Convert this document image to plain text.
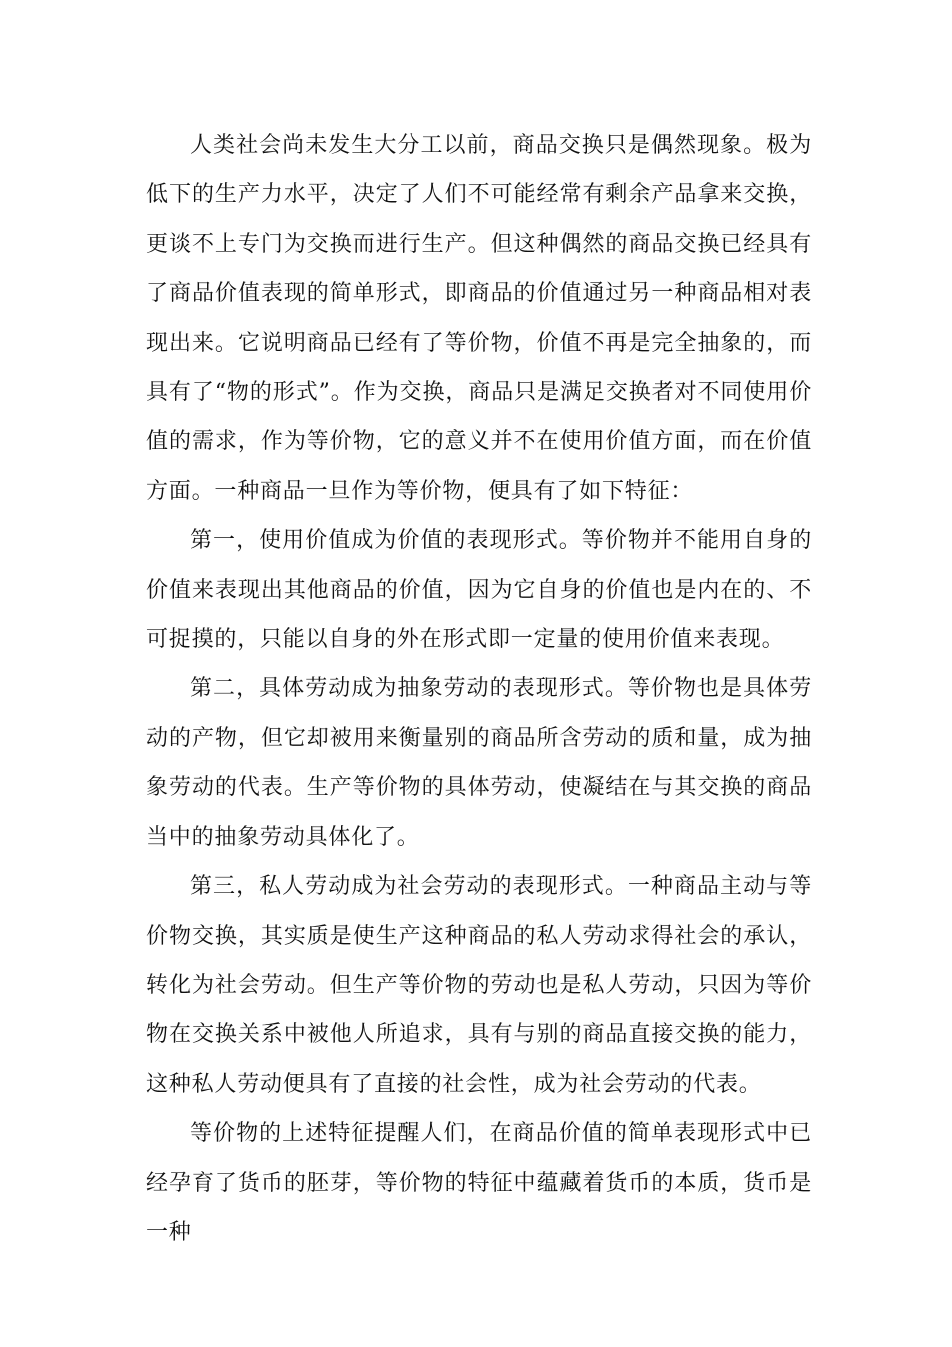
人类社会尚未发生大分工以前，商品交换只是偶然现象。极为低下的生产力水平，决定了人们不可能经常有剩余产品拿来交换，更谈不上专门为交换而进行生产。但这种偶然的商品交换已经具有了商品价值表现的简单形式，即商品的价值通过另一种商品相对表现出来。它说明商品已经有了等价物，价值不再是完全抽象的，而具有了“物的形式”。作为交换，商品只是满足交换者对不同使用价值的需求，作为等价物，它的意义并不在使用价值方面，而在价值方面。一种商品一旦作为等价物，便具有了如下特征：

第一，使用价值成为价值的表现形式。等价物并不能用自身的价值来表现出其他商品的价值，因为它自身的价值也是内在的、不可捉摸的，只能以自身的外在形式即一定量的使用价值来表现。

第二，具体劳动成为抽象劳动的表现形式。等价物也是具体劳动的产物，但它却被用来衡量别的商品所含劳动的质和量，成为抽象劳动的代表。生产等价物的具体劳动，使凝结在与其交换的商品当中的抽象劳动具体化了。

第三，私人劳动成为社会劳动的表现形式。一种商品主动与等价物交换，其实质是使生产这种商品的私人劳动求得社会的承认，转化为社会劳动。但生产等价物的劳动也是私人劳动，只因为等价物在交换关系中被他人所追求，具有与别的商品直接交换的能力，这种私人劳动便具有了直接的社会性，成为社会劳动的代表。

等价物的上述特征提醒人们，在商品价值的简单表现形式中已经孕育了货币的胚芽，等价物的特征中蕴藏着货币的本质，货币是一种
